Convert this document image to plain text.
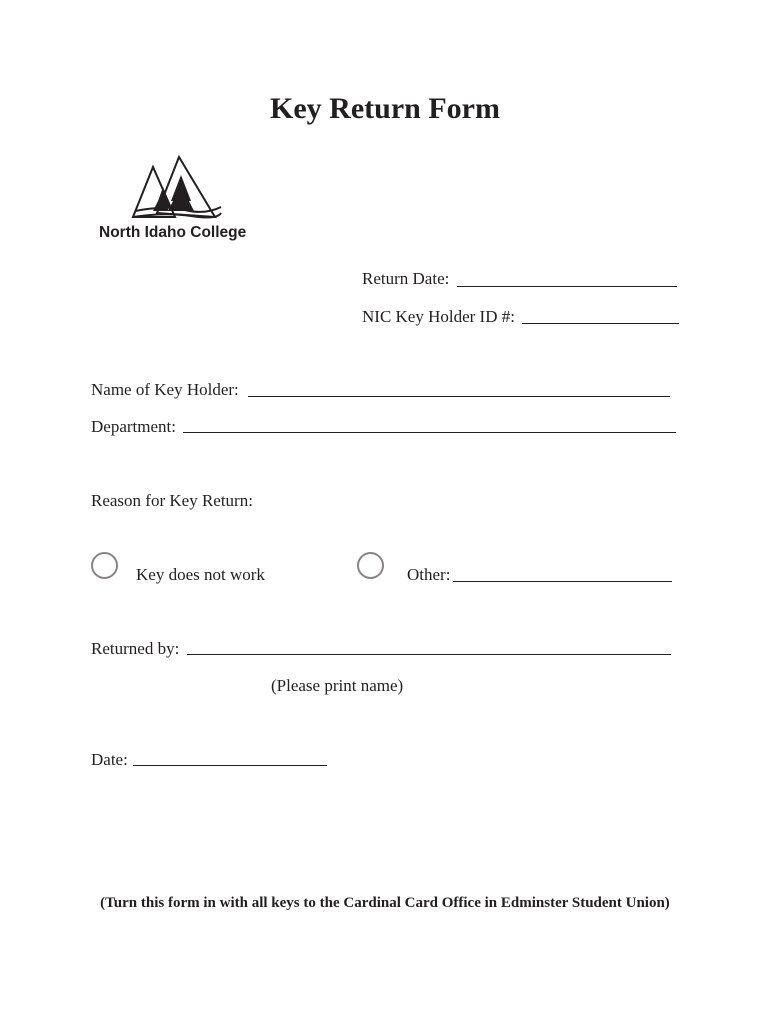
Key Return Form
North Idaho College
Return Date:
NIC Key Holder ID #:
Name of Key Holder:
Department:
Reason for Key Return:
Key does not work	Other:
Returned by:
(Please print name)
Date:
(Turn this form in with all keys to the Cardinal Card Office in Edminster Student Union)
